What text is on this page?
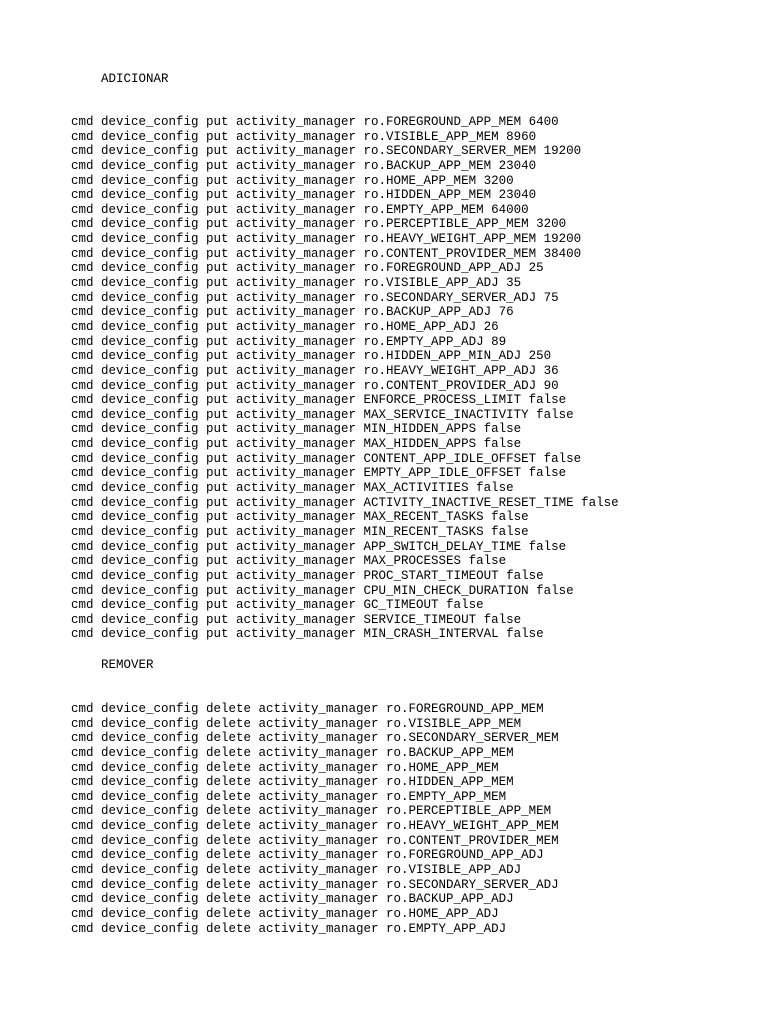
ADICIONAR
cmd device_config put activity_manager ro.FOREGROUND_APP_MEM 6400
cmd device_config put activity_manager ro.VISIBLE_APP_MEM 8960
cmd device_config put activity_manager ro.SECONDARY_SERVER_MEM 19200
cmd device_config put activity_manager ro.BACKUP_APP_MEM 23040
cmd device_config put activity_manager ro.HOME_APP_MEM 3200
cmd device_config put activity_manager ro.HIDDEN_APP_MEM 23040
cmd device_config put activity_manager ro.EMPTY_APP_MEM 64000
cmd device_config put activity_manager ro.PERCEPTIBLE_APP_MEM 3200
cmd device_config put activity_manager ro.HEAVY_WEIGHT_APP_MEM 19200
cmd device_config put activity_manager ro.CONTENT_PROVIDER_MEM 38400
cmd device_config put activity_manager ro.FOREGROUND_APP_ADJ 25
cmd device_config put activity_manager ro.VISIBLE_APP_ADJ 35
cmd device_config put activity_manager ro.SECONDARY_SERVER_ADJ 75
cmd device_config put activity_manager ro.BACKUP_APP_ADJ 76
cmd device_config put activity_manager ro.HOME_APP_ADJ 26
cmd device_config put activity_manager ro.EMPTY_APP_ADJ 89
cmd device_config put activity_manager ro.HIDDEN_APP_MIN_ADJ 250
cmd device_config put activity_manager ro.HEAVY_WEIGHT_APP_ADJ 36
cmd device_config put activity_manager ro.CONTENT_PROVIDER_ADJ 90
cmd device_config put activity_manager ENFORCE_PROCESS_LIMIT false
cmd device_config put activity_manager MAX_SERVICE_INACTIVITY false
cmd device_config put activity_manager MIN_HIDDEN_APPS false
cmd device_config put activity_manager MAX_HIDDEN_APPS false
cmd device_config put activity_manager CONTENT_APP_IDLE_OFFSET false
cmd device_config put activity_manager EMPTY_APP_IDLE_OFFSET false
cmd device_config put activity_manager MAX_ACTIVITIES false
cmd device_config put activity_manager ACTIVITY_INACTIVE_RESET_TIME false
cmd device_config put activity_manager MAX_RECENT_TASKS false
cmd device_config put activity_manager MIN_RECENT_TASKS false
cmd device_config put activity_manager APP_SWITCH_DELAY_TIME false
cmd device_config put activity_manager MAX_PROCESSES false
cmd device_config put activity_manager PROC_START_TIMEOUT false
cmd device_config put activity_manager CPU_MIN_CHECK_DURATION false
cmd device_config put activity_manager GC_TIMEOUT false
cmd device_config put activity_manager SERVICE_TIMEOUT false
cmd device_config put activity_manager MIN_CRASH_INTERVAL false
REMOVER
cmd device_config delete activity_manager ro.FOREGROUND_APP_MEM
cmd device_config delete activity_manager ro.VISIBLE_APP_MEM
cmd device_config delete activity_manager ro.SECONDARY_SERVER_MEM
cmd device_config delete activity_manager ro.BACKUP_APP_MEM
cmd device_config delete activity_manager ro.HOME_APP_MEM
cmd device_config delete activity_manager ro.HIDDEN_APP_MEM
cmd device_config delete activity_manager ro.EMPTY_APP_MEM
cmd device_config delete activity_manager ro.PERCEPTIBLE_APP_MEM
cmd device_config delete activity_manager ro.HEAVY_WEIGHT_APP_MEM
cmd device_config delete activity_manager ro.CONTENT_PROVIDER_MEM
cmd device_config delete activity_manager ro.FOREGROUND_APP_ADJ
cmd device_config delete activity_manager ro.VISIBLE_APP_ADJ
cmd device_config delete activity_manager ro.SECONDARY_SERVER_ADJ
cmd device_config delete activity_manager ro.BACKUP_APP_ADJ
cmd device_config delete activity_manager ro.HOME_APP_ADJ
cmd device_config delete activity_manager ro.EMPTY_APP_ADJ
